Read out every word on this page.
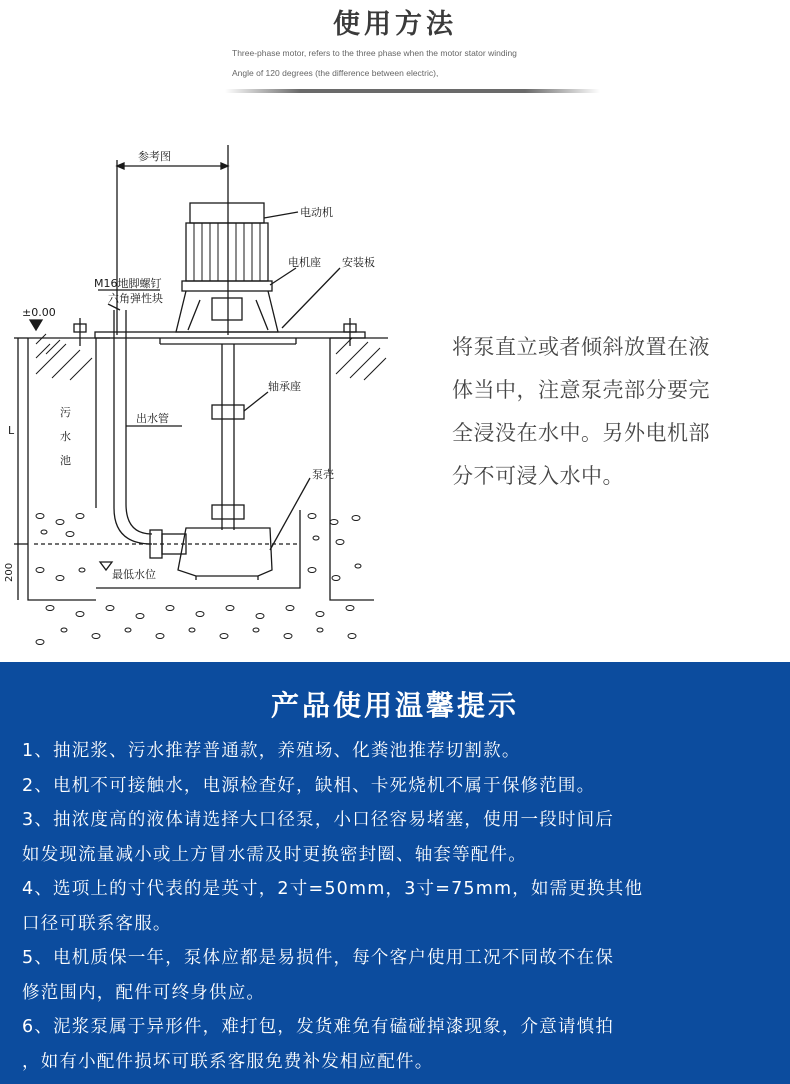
使用方法
Three-phase motor, refers to the three phase when the motor stator winding
Angle of 120 degrees (the difference between electric),
参考图
电动机
电机座 安装板
M16地脚螺钉
六角弹性块
±0.00
出水管
轴承座
污
水
池
L
泵壳
最低水位
200
将泵直立或者倾斜放置在液
体当中，注意泵壳部分要完
全浸没在水中。另外电机部
分不可浸入水中。
产品使用温馨提示
1、抽泥浆、污水推荐普通款，养殖场、化粪池推荐切割款。
2、电机不可接触水，电源检查好，缺相、卡死烧机不属于保修范围。
3、抽浓度高的液体请选择大口径泵，小口径容易堵塞，使用一段时间后
如发现流量减小或上方冒水需及时更换密封圈、轴套等配件。
4、选项上的寸代表的是英寸，2寸=50mm，3寸=75mm，如需更换其他
口径可联系客服。
5、电机质保一年，泵体应都是易损件，每个客户使用工况不同故不在保
修范围内，配件可终身供应。
6、泥浆泵属于异形件，难打包，发货难免有磕碰掉漆现象，介意请慎拍
，如有小配件损坏可联系客服免费补发相应配件。
